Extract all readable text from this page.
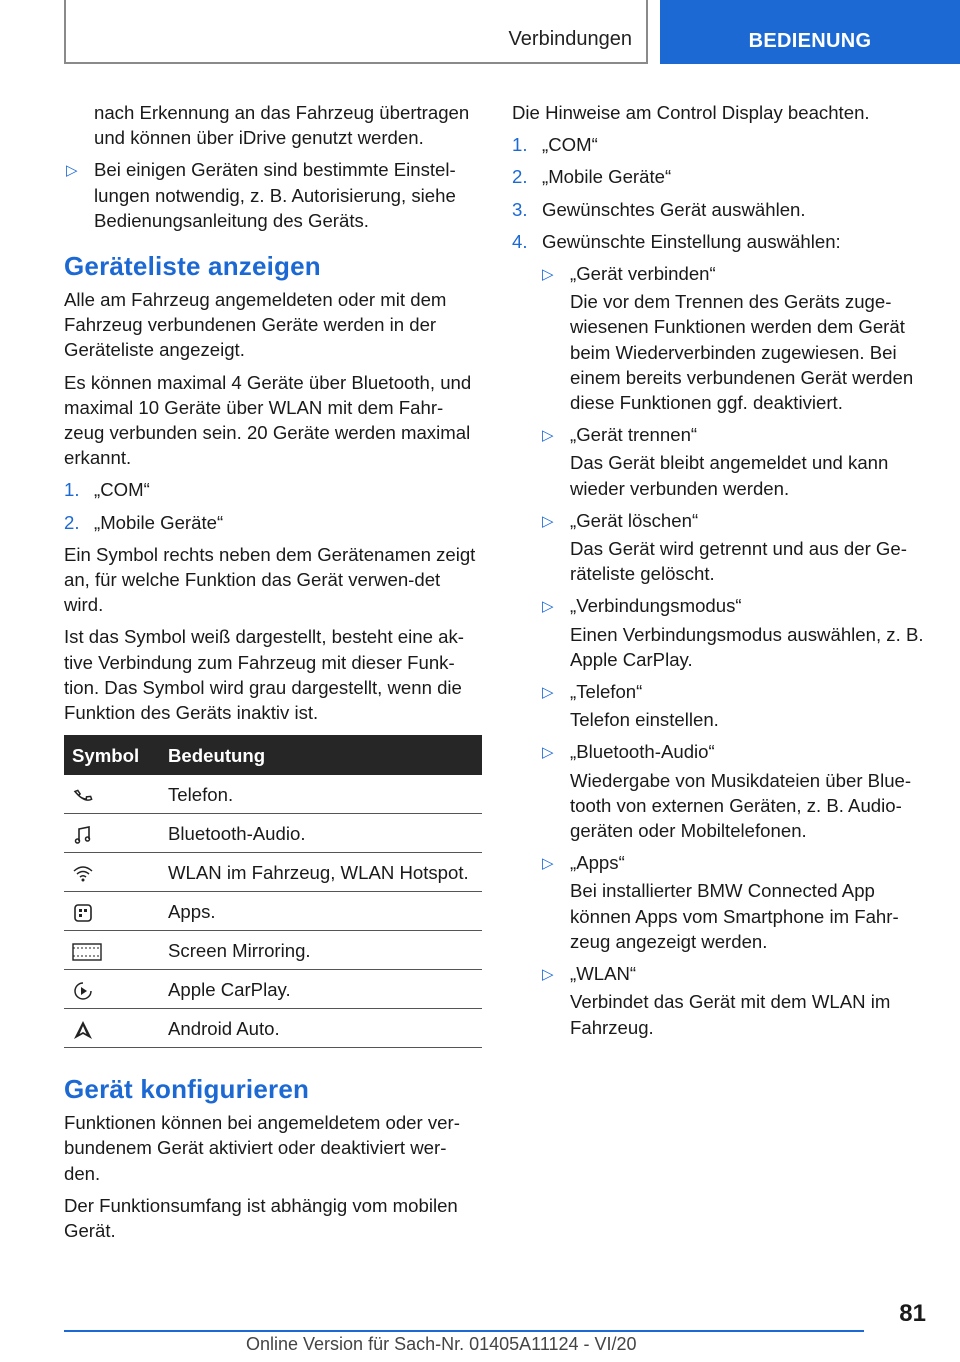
Verbindungen	BEDIENUNG

nach Erkennung an das Fahrzeug übertragen und können über iDrive genutzt werden.

▷ Bei einigen Geräten sind bestimmte Einstel-lungen notwendig, z. B. Autorisierung, siehe Bedienungsanleitung des Geräts.
Geräteliste anzeigen

Alle am Fahrzeug angemeldeten oder mit dem Fahrzeug verbundenen Geräte werden in der Geräteliste angezeigt.

Es können maximal 4 Geräte über Bluetooth, und maximal 10 Geräte über WLAN mit dem Fahr-zeug verbunden sein. 20 Geräte werden maximal erkannt.

1. „COM“
2. „Mobile Geräte“

Ein Symbol rechts neben dem Gerätenamen zeigt an, für welche Funktion das Gerät verwen-det wird.

Ist das Symbol weiß dargestellt, besteht eine ak-tive Verbindung zum Fahrzeug mit dieser Funk-tion. Das Symbol wird grau dargestellt, wenn die Funktion des Geräts inaktiv ist.

Symbol	Bedeutung
	Telefon.
	Bluetooth-Audio.
	WLAN im Fahrzeug, WLAN Hotspot.
	Apps.
	Screen Mirroring.
	Apple CarPlay.
	Android Auto.
Gerät konfigurieren

Funktionen können bei angemeldetem oder ver-bundenem Gerät aktiviert oder deaktiviert wer-den.

Der Funktionsumfang ist abhängig vom mobilen Gerät.

Die Hinweise am Control Display beachten.

1. „COM“
2. „Mobile Geräte“
3. Gewünschtes Gerät auswählen.
4. Gewünschte Einstellung auswählen:
▷ „Gerät verbinden“

Die vor dem Trennen des Geräts zuge-wiesenen Funktionen werden dem Gerät beim Wiederverbinden zugewiesen. Bei einem bereits verbundenen Gerät werden diese Funktionen ggf. deaktiviert.

▷ „Gerät trennen“

Das Gerät bleibt angemeldet und kann wieder verbunden werden.

▷ „Gerät löschen“

Das Gerät wird getrennt und aus der Ge-räteliste gelöscht.

▷ „Verbindungsmodus“

Einen Verbindungsmodus auswählen, z. B. Apple CarPlay.

▷ „Telefon“

Telefon einstellen.

▷ „Bluetooth-Audio“

Wiedergabe von Musikdateien über Blue-tooth von externen Geräten, z. B. Audio-geräten oder Mobiltelefonen.

▷ „Apps“

Bei installierter BMW Connected App können Apps vom Smartphone im Fahr-zeug angezeigt werden.

▷ „WLAN“

Verbindet das Gerät mit dem WLAN im Fahrzeug.

81
Online Version für Sach-Nr. 01405A11124 - VI/20
